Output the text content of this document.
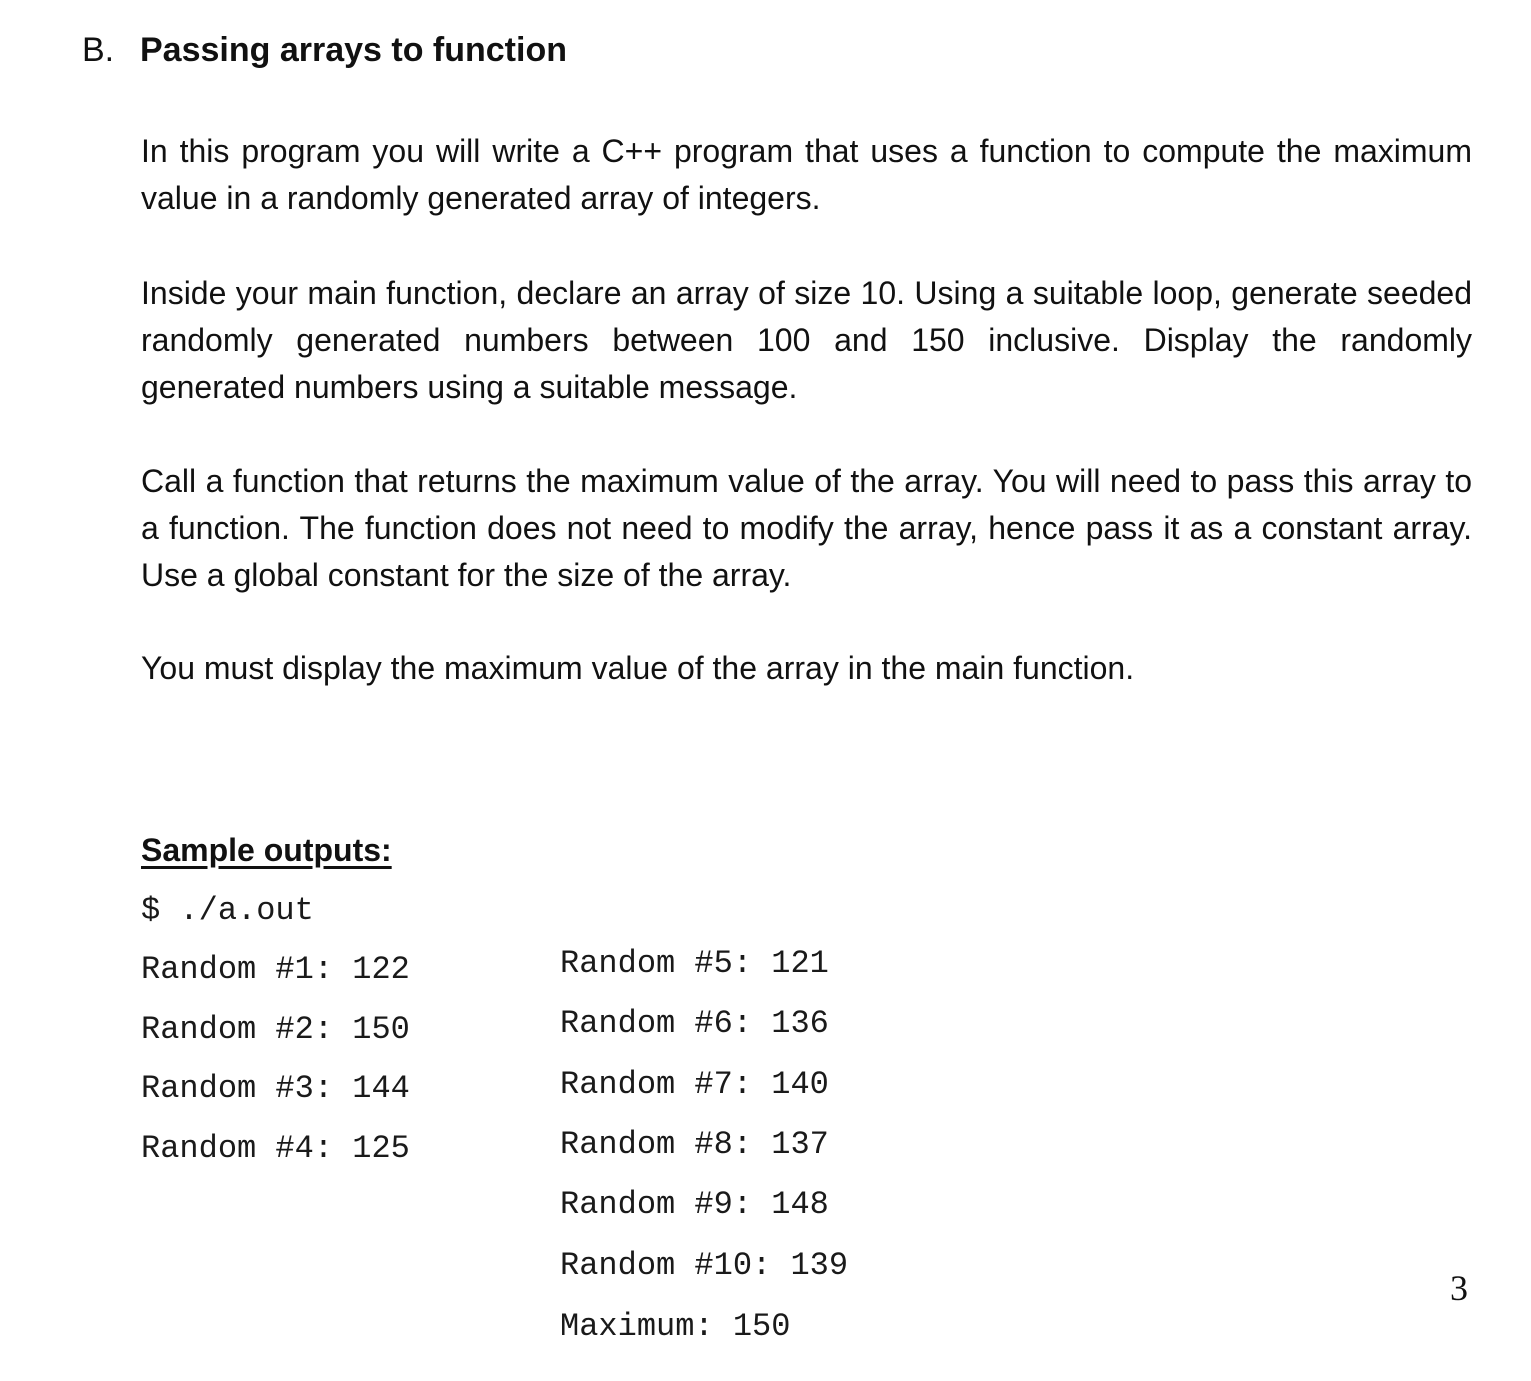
B. Passing arrays to function

In this program you will write a C++ program that uses a function to compute the maximum value in a randomly generated array of integers.

Inside your main function, declare an array of size 10. Using a suitable loop, generate seeded randomly generated numbers between 100 and 150 inclusive. Display the randomly generated numbers using a suitable message.

Call a function that returns the maximum value of the array. You will need to pass this array to a function. The function does not need to modify the array, hence pass it as a constant array. Use a global constant for the size of the array.

You must display the maximum value of the array in the main function.

Sample outputs:
$ ./a.out
Random #1: 122
Random #2: 150
Random #3: 144
Random #4: 125
Random #5: 121
Random #6: 136
Random #7: 140
Random #8: 137
Random #9: 148
Random #10: 139
Maximum: 150
3
